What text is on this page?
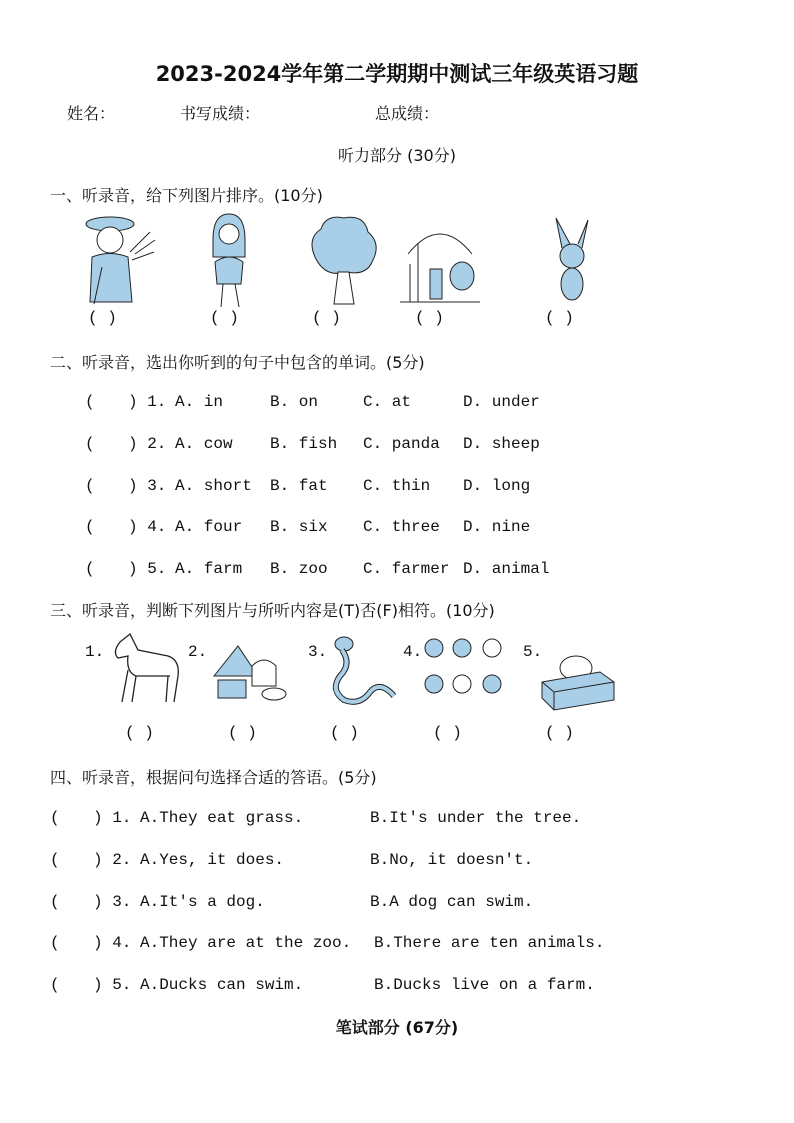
2023-2024学年第二学期期中测试三年级英语习题
姓名：	书写成绩：	总成绩：
听力部分 (30分)
一、听录音，给下列图片排序。(10分)
( )	( )	( )	( )	( )
二、听录音，选出你听到的句子中包含的单词。(5分)
( ) 1. A. in	B. on	C. at	D. under
( ) 2. A. cow B. fish C. panda D. sheep
( ) 3. A. short B. fat C. thin D. long
( ) 4. A. four B. six C. three D. nine
( ) 5. A. farm B. zoo C. farmer D. animal
三、听录音，判断下列图片与所听内容是(T)否(F)相符。(10分)
1.	2.	3.	4.	5.
( )	( )	( )	( )	( )
四、听录音，根据问句选择合适的答语。(5分)
( ) 1. A.They eat grass.	B.It's under the tree.
( ) 2. A.Yes, it does.	B.No, it doesn't.
( ) 3. A.It's a dog.	B.A dog can swim.
( ) 4. A.They are at the zoo. B.There are ten animals.
( ) 5. A.Ducks can swim.	B.Ducks live on a farm.
笔试部分 (67分)
